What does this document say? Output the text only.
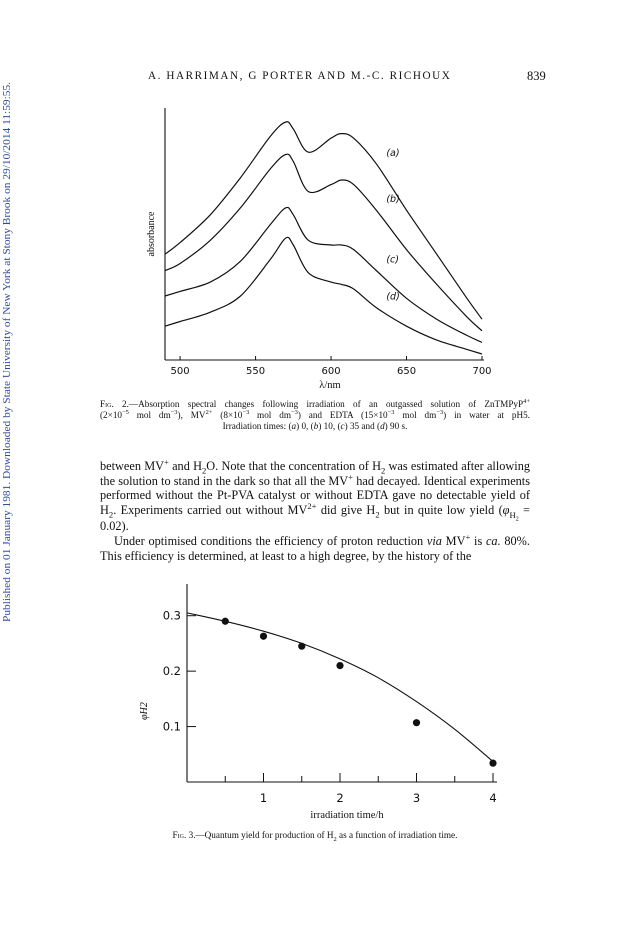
Published on 01 January 1981. Downloaded by State University of New York at Stony Brook on 29/10/2014 11:59:55.
A. HARRIMAN, G PORTER AND M.-C. RICHOUX	839
500	550	600	650	700
absorbance
λ/nm
(a)
(b)
(c)
(d)
Fig. 2.—Absorption spectral changes following irradiation of an outgassed solution of ZnTMPyP$^{4+}$
($2\times 10^{-5}$ mol $dm^{-3}$), $MV^{2+}$ ($8\times 10^{-3}$ mol $dm^{-3}$) and EDTA ($15\times 10^{-3}$ mol $dm^{-3}$) in water at pH5.
Irradiation times: (a) 0, (b) 10, (c) 35 and (d) 90 s.

between MV+ and $H_2O$. Note that the concentration of $H_2$ was estimated after allowing the solution to stand in the dark so that all the MV+ had decayed. Identical experiments performed without the Pt-PVA catalyst or without EDTA gave no detectable yield of $H_2$. Experiments carried out without $MV^{2+}$ did give $H_2$ but in quite low yield $(\varphi_{H_2} = 0.02)$.

Under optimised conditions the efficiency of proton reduction via MV+ is ca. 80%. This efficiency is determined, at least to a high degree, by the history of the

1	2	3	4
0.1
0.2
0.3
φH2
irradiation time/h
Fig. 3.—Quantum yield for production of $H_2$ as a function of irradiation time.
